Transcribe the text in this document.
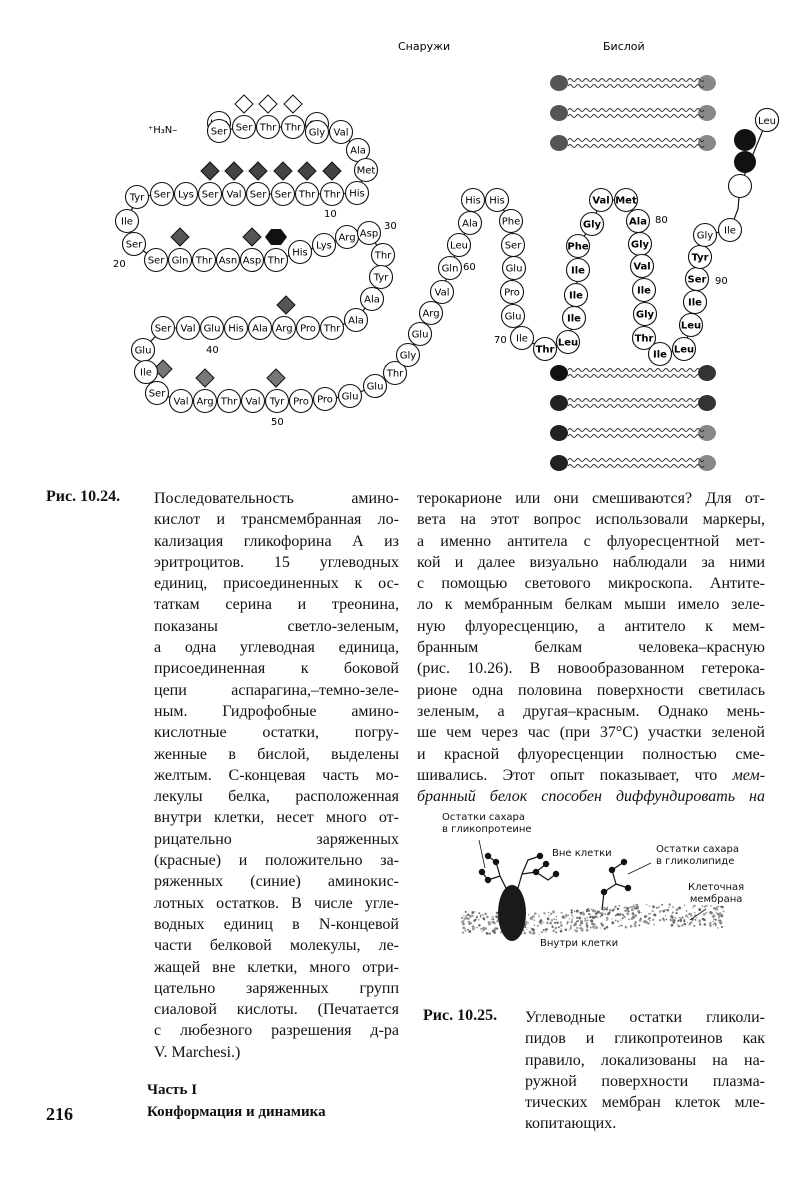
Ser Ser Thr Thr Gly Val
Ala
Met
His
Thr
Thr
Ser
Ser
Val
Ser
Lys
Ser
Tyr
Ile
Ser
Ser Gln Thr Asn Asp Thr
His
Lys
Arg Asp
Thr
Tyr
Ala
Ala
Thr
Pro
Arg
Ala
His
Glu
Val
Ser
Glu
Ile
Ser
Val Arg Thr Val Tyr Pro Pro Glu
Glu
Thr
Gly
Glu
Arg
Val
Gln
Leu
Ala
His His
Phe
Ser
Glu
Pro
Glu
Ile
Thr
Leu
Ile
Ile
Ile
Phe
Gly
Val Met
Ala
Gly
Val
Ile
Gly
Thr
Ile Leu
Leu
Ile
Ser
Tyr
Gly Ile
Leu
Снаружи	Бислой
⁺H₃N–
10
20
30
40
50
60
70
80
90
Рис. 10.24. Последовательность амино-
кислот и трансмембранная ло-
кализация гликофорина А из
эритроцитов. 15 углеводных
единиц, присоединенных к ос-
таткам серина и треонина,
показаны светло-зеленым,
а одна углеводная единица,
присоединенная к боковой
цепи аспарагина,–темно-зеле-
ным. Гидрофобные амино-
кислотные остатки, погру-
женные в бислой, выделены
желтым. С-концевая часть мо-
лекулы белка, расположенная
внутри клетки, несет много от-
рицательно заряженных
(красные) и положительно за-
ряженных (синие) аминокис-
лотных остатков. В числе угле-
водных единиц в N-концевой
части белковой молекулы, ле-
жащей вне клетки, много отри-
цательно заряженных групп
сиаловой кислоты. (Печатается
с любезного разрешения д-ра
V. Marchesi.)
терокарионе или они смешиваются? Для от-
вета на этот вопрос использовали маркеры,
а именно антитела с флуоресцентной мет-
кой и далее визуально наблюдали за ними
с помощью светового микроскопа. Антите-
ло к мембранным белкам мыши имело зеле-
ную флуоресценцию, а антитело к мем-
бранным белкам человека–красную
(рис. 10.26). В новообразованном гетерока-
рионе одна половина поверхности светилась
зеленым, а другая–красным. Однако мень-
ше чем через час (при 37°С) участки зеленой
и красной флуоресценции полностью сме-
шивались. Этот опыт показывает, что мем-
бранный белок способен диффундировать на
Остатки сахара
в гликопротеине
Вне клетки	Остатки сахара
в гликолипиде
Клеточная
мембрана
Внутри клетки
Рис. 10.25. Углеводные остатки гликоли-
пидов и гликопротеинов как
правило, локализованы на на-
ружной поверхности плазма-
тических мембран клеток мле-
копитающих.
216
Часть I
Конформация и динамика
